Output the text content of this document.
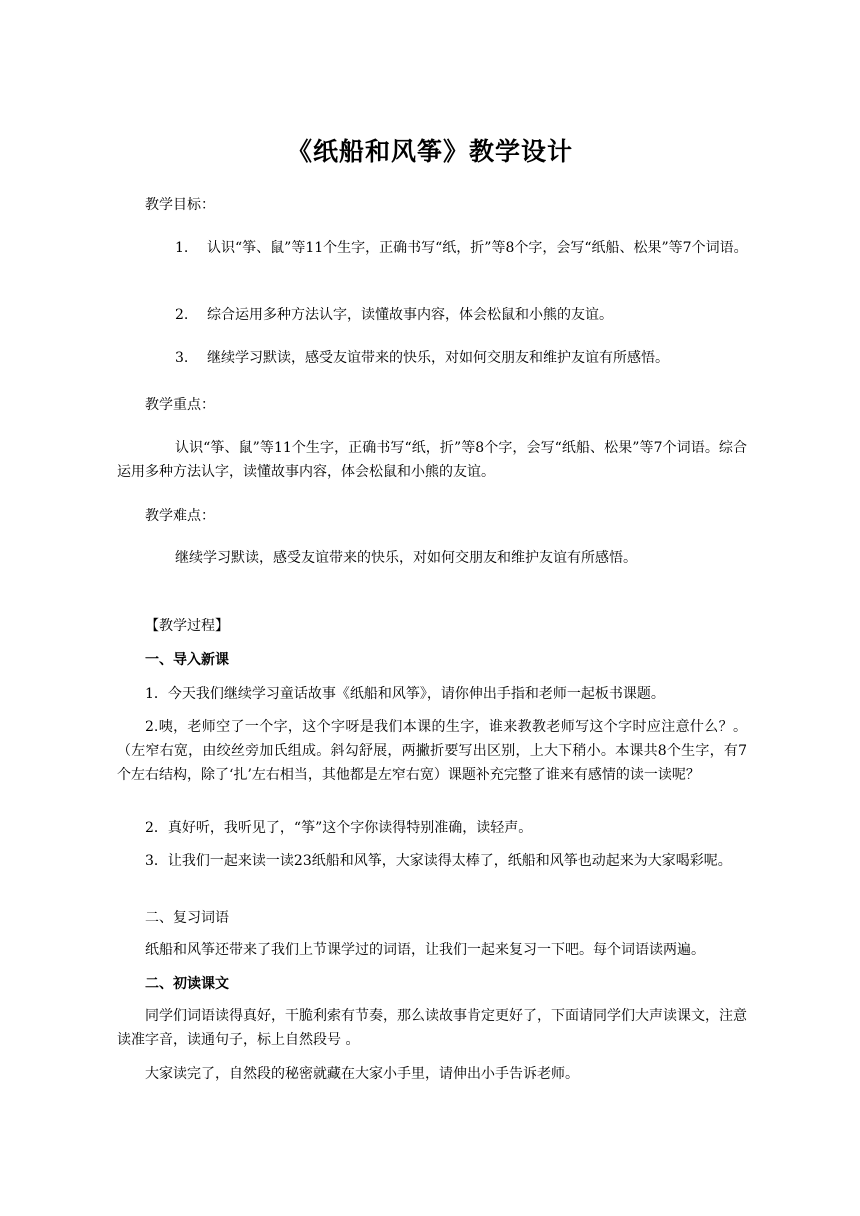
《纸船和风筝》教学设计
教学目标：
1. 认识“筝、鼠”等11个生字，正确书写“纸，折”等8个字，会写“纸船、松果”等7个词语。
2. 综合运用多种方法认字，读懂故事内容，体会松鼠和小熊的友谊。
3. 继续学习默读，感受友谊带来的快乐，对如何交朋友和维护友谊有所感悟。
教学重点：
认识“筝、鼠”等11个生字，正确书写“纸，折”等8个字，会写“纸船、松果”等7个词语。综合运用多种方法认字，读懂故事内容，体会松鼠和小熊的友谊。
教学难点：
继续学习默读，感受友谊带来的快乐，对如何交朋友和维护友谊有所感悟。
【教学过程】
一、导入新课
1．今天我们继续学习童话故事《纸船和风筝》，请你伸出手指和老师一起板书课题。
2.咦，老师空了一个字，这个字呀是我们本课的生字，谁来教教老师写这个字时应注意什么？。（左窄右宽，由绞丝旁加氏组成。斜勾舒展，两撇折要写出区别，上大下稍小。本课共8个生字，有7个左右结构，除了‘扎’左右相当，其他都是左窄右宽）课题补充完整了谁来有感情的读一读呢？
2．真好听，我听见了，“筝”这个字你读得特别准确，读轻声。
3．让我们一起来读一读23纸船和风筝，大家读得太棒了，纸船和风筝也动起来为大家喝彩呢。
二、复习词语
纸船和风筝还带来了我们上节课学过的词语，让我们一起来复习一下吧。每个词语读两遍。
二、初读课文
同学们词语读得真好，干脆利索有节奏，那么读故事肯定更好了，下面请同学们大声读课文，注意读准字音，读通句子，标上自然段号 。
大家读完了，自然段的秘密就藏在大家小手里，请伸出小手告诉老师。
